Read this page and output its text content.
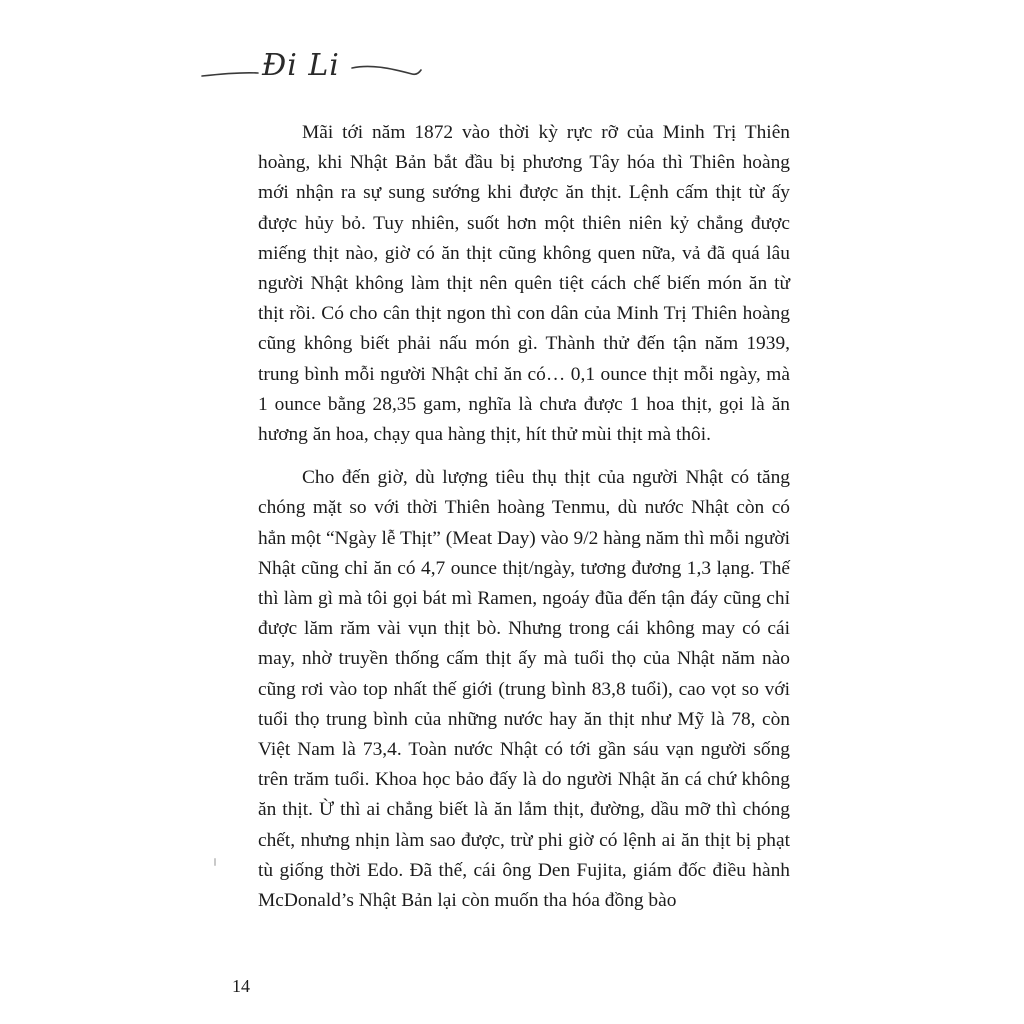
Đi Li

Mãi tới năm 1872 vào thời kỳ rực rỡ của Minh Trị Thiên hoàng, khi Nhật Bản bắt đầu bị phương Tây hóa thì Thiên hoàng mới nhận ra sự sung sướng khi được ăn thịt. Lệnh cấm thịt từ ấy được hủy bỏ. Tuy nhiên, suốt hơn một thiên niên kỷ chẳng được miếng thịt nào, giờ có ăn thịt cũng không quen nữa, vả đã quá lâu người Nhật không làm thịt nên quên tiệt cách chế biến món ăn từ thịt rồi. Có cho cân thịt ngon thì con dân của Minh Trị Thiên hoàng cũng không biết phải nấu món gì. Thành thử đến tận năm 1939, trung bình mỗi người Nhật chỉ ăn có… 0,1 ounce thịt mỗi ngày, mà 1 ounce bằng 28,35 gam, nghĩa là chưa được 1 hoa thịt, gọi là ăn hương ăn hoa, chạy qua hàng thịt, hít thử mùi thịt mà thôi.

Cho đến giờ, dù lượng tiêu thụ thịt của người Nhật có tăng chóng mặt so với thời Thiên hoàng Tenmu, dù nước Nhật còn có hẳn một “Ngày lễ Thịt” (Meat Day) vào 9/2 hàng năm thì mỗi người Nhật cũng chỉ ăn có 4,7 ounce thịt/ngày, tương đương 1,3 lạng. Thế thì làm gì mà tôi gọi bát mì Ramen, ngoáy đũa đến tận đáy cũng chỉ được lăm răm vài vụn thịt bò. Nhưng trong cái không may có cái may, nhờ truyền thống cấm thịt ấy mà tuổi thọ của Nhật năm nào cũng rơi vào top nhất thế giới (trung bình 83,8 tuổi), cao vọt so với tuổi thọ trung bình của những nước hay ăn thịt như Mỹ là 78, còn Việt Nam là 73,4. Toàn nước Nhật có tới gần sáu vạn người sống trên trăm tuổi. Khoa học bảo đấy là do người Nhật ăn cá chứ không ăn thịt. Ừ thì ai chẳng biết là ăn lắm thịt, đường, dầu mỡ thì chóng chết, nhưng nhịn làm sao được, trừ phi giờ có lệnh ai ăn thịt bị phạt tù giống thời Edo. Đã thế, cái ông Den Fujita, giám đốc điều hành McDonald’s Nhật Bản lại còn muốn tha hóa đồng bào

14
